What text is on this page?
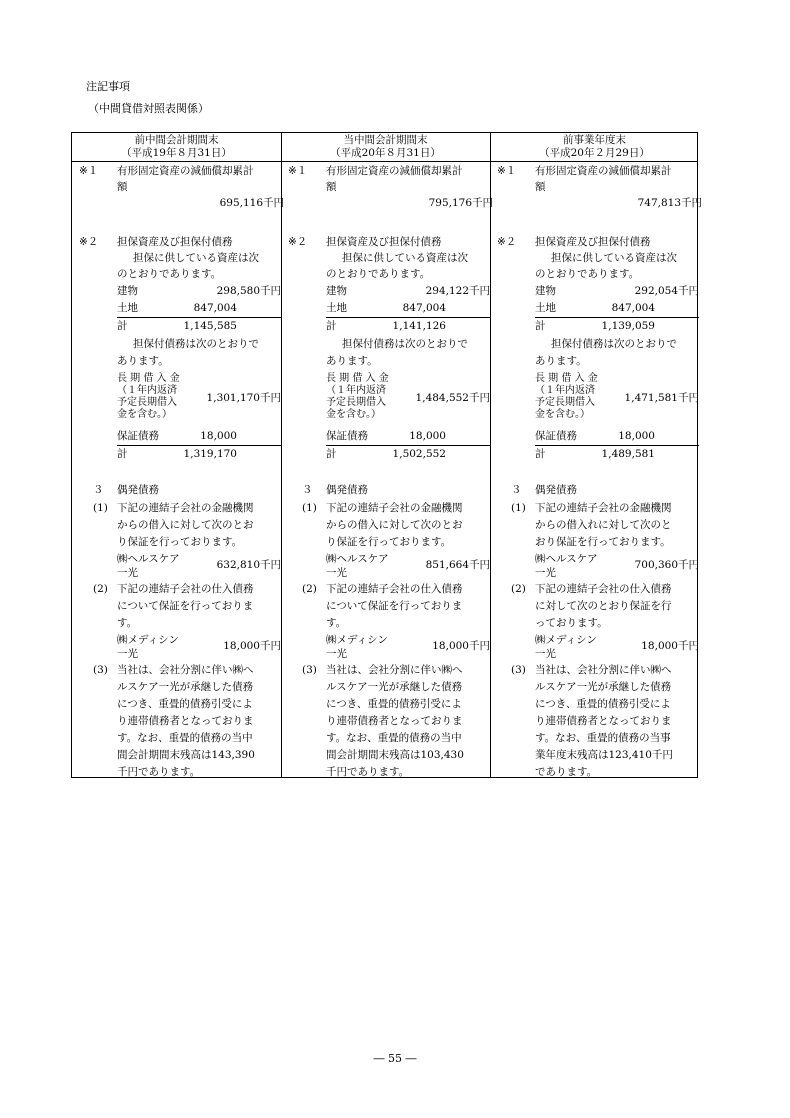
注記事項
（中間貸借対照表関係）
前中間会計期間末
（平成19年８月31日）
当中間会計期間末
（平成20年８月31日）
前事業年度末
（平成20年２月29日）
※１ 有形固定資産の減価償却累計
額
695,116千円
※２ 担保資産及び担保付債務
担保に供している資産は次
のとおりであります。
建物	298,580千円
土地	847,004
計	1,145,585
担保付債務は次のとおりで
あります。
長 期 借 入 金
（１年内返済
予定長期借入
金を含む。）
1,301,170千円
保証債務	18,000
計	1,319,170
３ 偶発債務
(1) 下記の連結子会社の金融機関
からの借入に対して次のとお
り保証を行っております。
㈱ヘルスケア
一光
632,810千円
(2) 下記の連結子会社の仕入債務
について保証を行っておりま
す。
㈱メディシン
一光
18,000千円
(3) 当社は、会社分割に伴い㈱へ
ルスケア一光が承継した債務
につき、重畳的債務引受によ
り連帯債務者となっておりま
す。なお、重畳的債務の当中
間会計期間末残高は143,390
千円であります。
※１ 有形固定資産の減価償却累計
額
795,176千円
※２ 担保資産及び担保付債務
担保に供している資産は次
のとおりであります。
建物	294,122千円
土地	847,004
計	1,141,126
担保付債務は次のとおりで
あります。
長 期 借 入 金
（１年内返済
予定長期借入
金を含む。）
1,484,552千円
保証債務	18,000
計	1,502,552
３ 偶発債務
(1) 下記の連結子会社の金融機関
からの借入に対して次のとお
り保証を行っております。
㈱ヘルスケア
一光
851,664千円
(2) 下記の連結子会社の仕入債務
について保証を行っておりま
す。
㈱メディシン
一光
18,000千円
(3) 当社は、会社分割に伴い㈱へ
ルスケア一光が承継した債務
につき、重畳的債務引受によ
り連帯債務者となっておりま
す。なお、重畳的債務の当中
間会計期間末残高は103,430
千円であります。
※１ 有形固定資産の減価償却累計
額
747,813千円
※２ 担保資産及び担保付債務
担保に供している資産は次
のとおりであります。
建物	292,054千円
土地	847,004
計	1,139,059
担保付債務は次のとおりで
あります。
長 期 借 入 金
（１年内返済
予定長期借入
金を含む。）
1,471,581千円
保証債務	18,000
計	1,489,581
３ 偶発債務
(1) 下記の連結子会社の金融機関
からの借入れに対して次のと
おり保証を行っております。
㈱ヘルスケア
一光
700,360千円
(2) 下記の連結子会社の仕入債務
に対して次のとおり保証を行
っております。
㈱メディシン
一光
18,000千円
(3) 当社は、会社分割に伴い㈱へ
ルスケア一光が承継した債務
につき、重畳的債務引受によ
り連帯債務者となっておりま
す。なお、重畳的債務の当事
業年度末残高は123,410千円
であります。
― 55 ―
